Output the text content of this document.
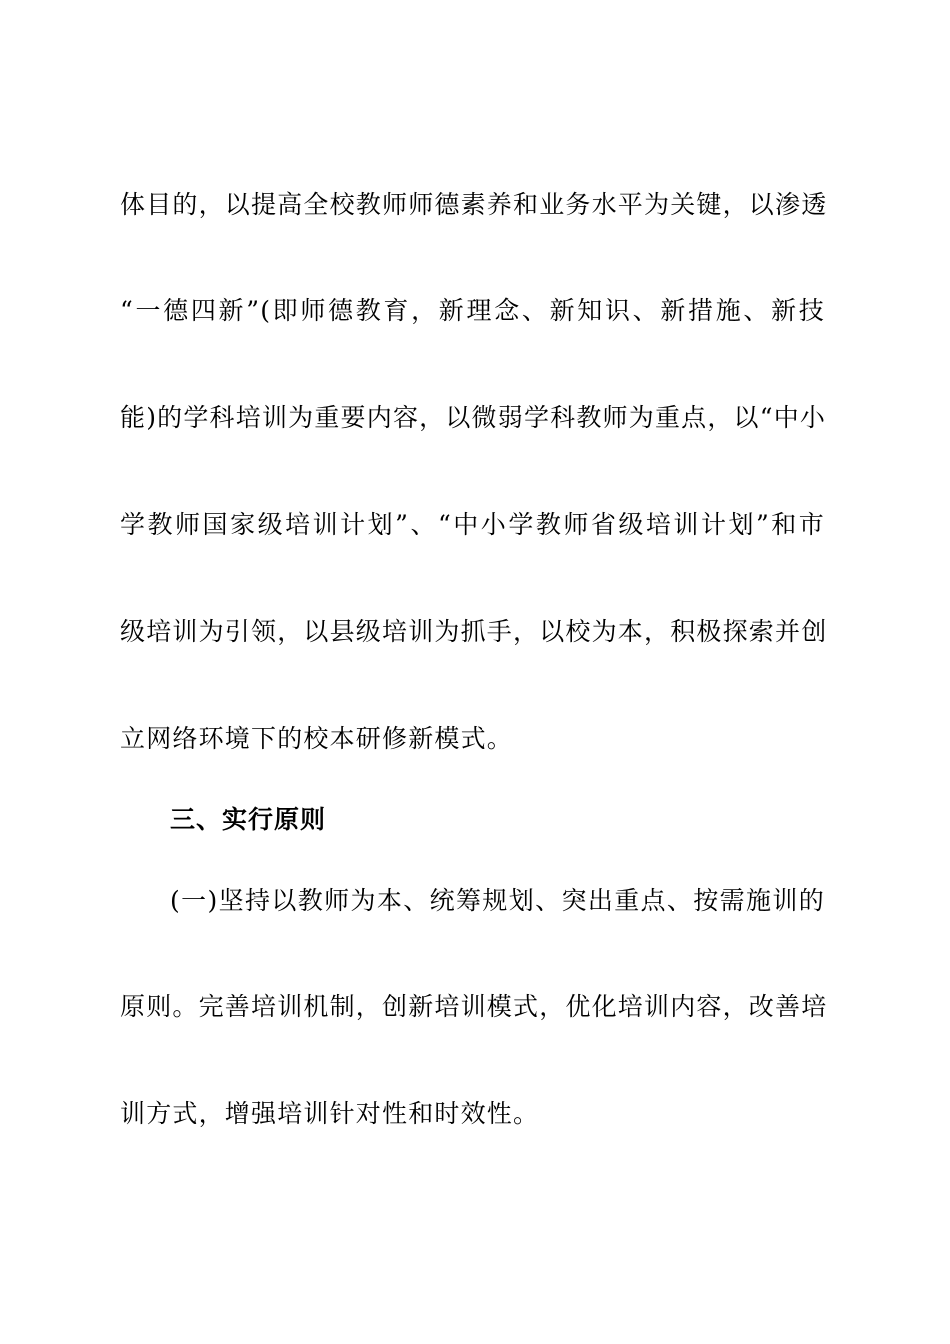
体目的，以提高全校教师师德素养和业务水平为关键，以渗透
“一德四新”(即师德教育，新理念、新知识、新措施、新技
能)的学科培训为重要内容，以微弱学科教师为重点，以“中小
学教师国家级培训计划”、“中小学教师省级培训计划”和市
级培训为引领，以县级培训为抓手，以校为本，积极探索并创
立网络环境下的校本研修新模式。
三、实行原则
(一)坚持以教师为本、统筹规划、突出重点、按需施训的
原则。完善培训机制，创新培训模式，优化培训内容，改善培
训方式，增强培训针对性和时效性。
